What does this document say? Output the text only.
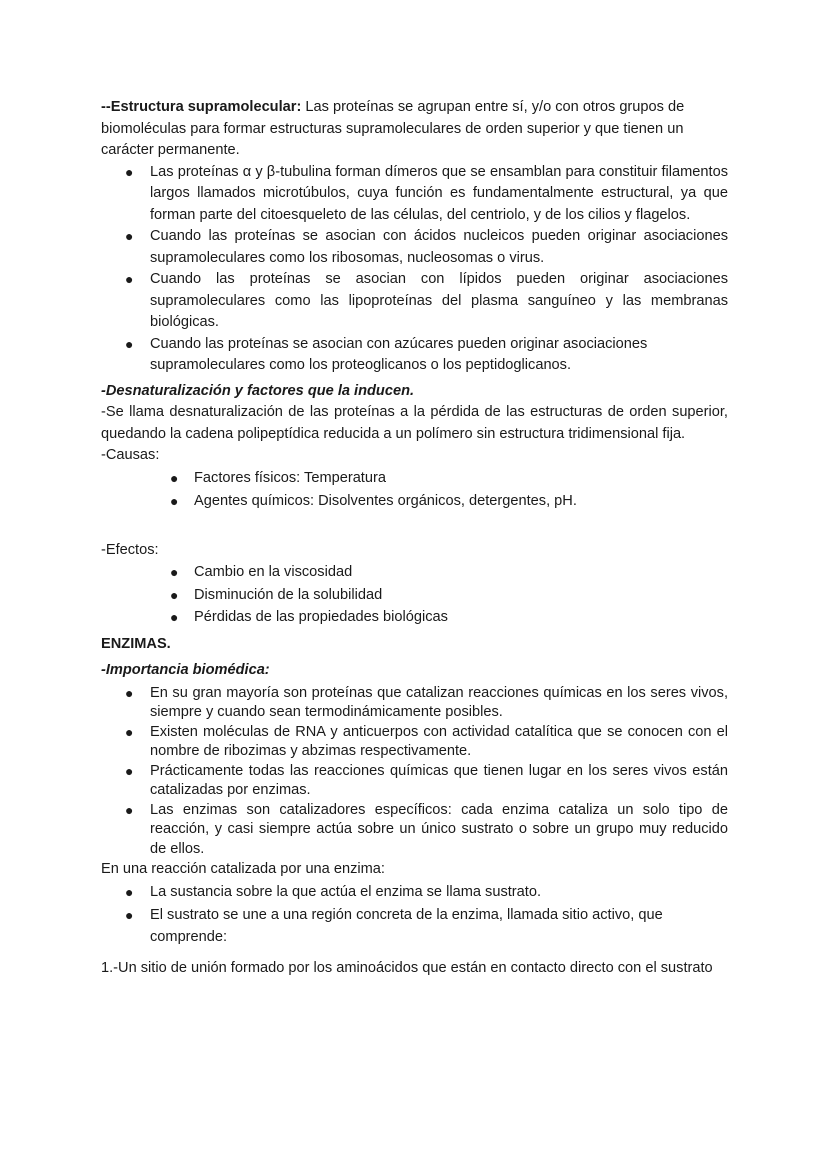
--Estructura supramolecular: Las proteínas se agrupan entre sí, y/o con otros grupos de biomoléculas para formar estructuras supramoleculares de orden superior y que tienen un carácter permanente.

● Las proteínas α y β-tubulina forman dímeros que se ensamblan para constituir filamentos largos llamados microtúbulos, cuya función es fundamentalmente estructural, ya que forman parte del citoesqueleto de las células, del centriolo, y de los cilios y flagelos.
● Cuando las proteínas se asocian con ácidos nucleicos pueden originar asociaciones supramoleculares como los ribosomas, nucleosomas o virus.
● Cuando las proteínas se asocian con lípidos pueden originar asociaciones supramoleculares como las lipoproteínas del plasma sanguíneo y las membranas biológicas.
● Cuando las proteínas se asocian con azúcares pueden originar asociaciones supramoleculares como los proteoglicanos o los peptidoglicanos.

-Desnaturalización y factores que la inducen.

-Se llama desnaturalización de las proteínas a la pérdida de las estructuras de orden superior, quedando la cadena polipeptídica reducida a un polímero sin estructura tridimensional fija.

-Causas:

● Factores físicos: Temperatura
● Agentes químicos: Disolventes orgánicos, detergentes, pH.

-Efectos:

● Cambio en la viscosidad
● Disminución de la solubilidad
● Pérdidas de las propiedades biológicas

ENZIMAS.

-Importancia biomédica:

● En su gran mayoría son proteínas que catalizan reacciones químicas en los seres vivos, siempre y cuando sean termodinámicamente posibles.
● Existen moléculas de RNA y anticuerpos con actividad catalítica que se conocen con el nombre de ribozimas y abzimas respectivamente.
● Prácticamente todas las reacciones químicas que tienen lugar en los seres vivos están catalizadas por enzimas.
● Las enzimas son catalizadores específicos: cada enzima cataliza un solo tipo de reacción, y casi siempre actúa sobre un único sustrato o sobre un grupo muy reducido de ellos.

En una reacción catalizada por una enzima:

● La sustancia sobre la que actúa el enzima se llama sustrato.
● El sustrato se une a una región concreta de la enzima, llamada sitio activo, que comprende:

1.-Un sitio de unión formado por los aminoácidos que están en contacto directo con el sustrato
